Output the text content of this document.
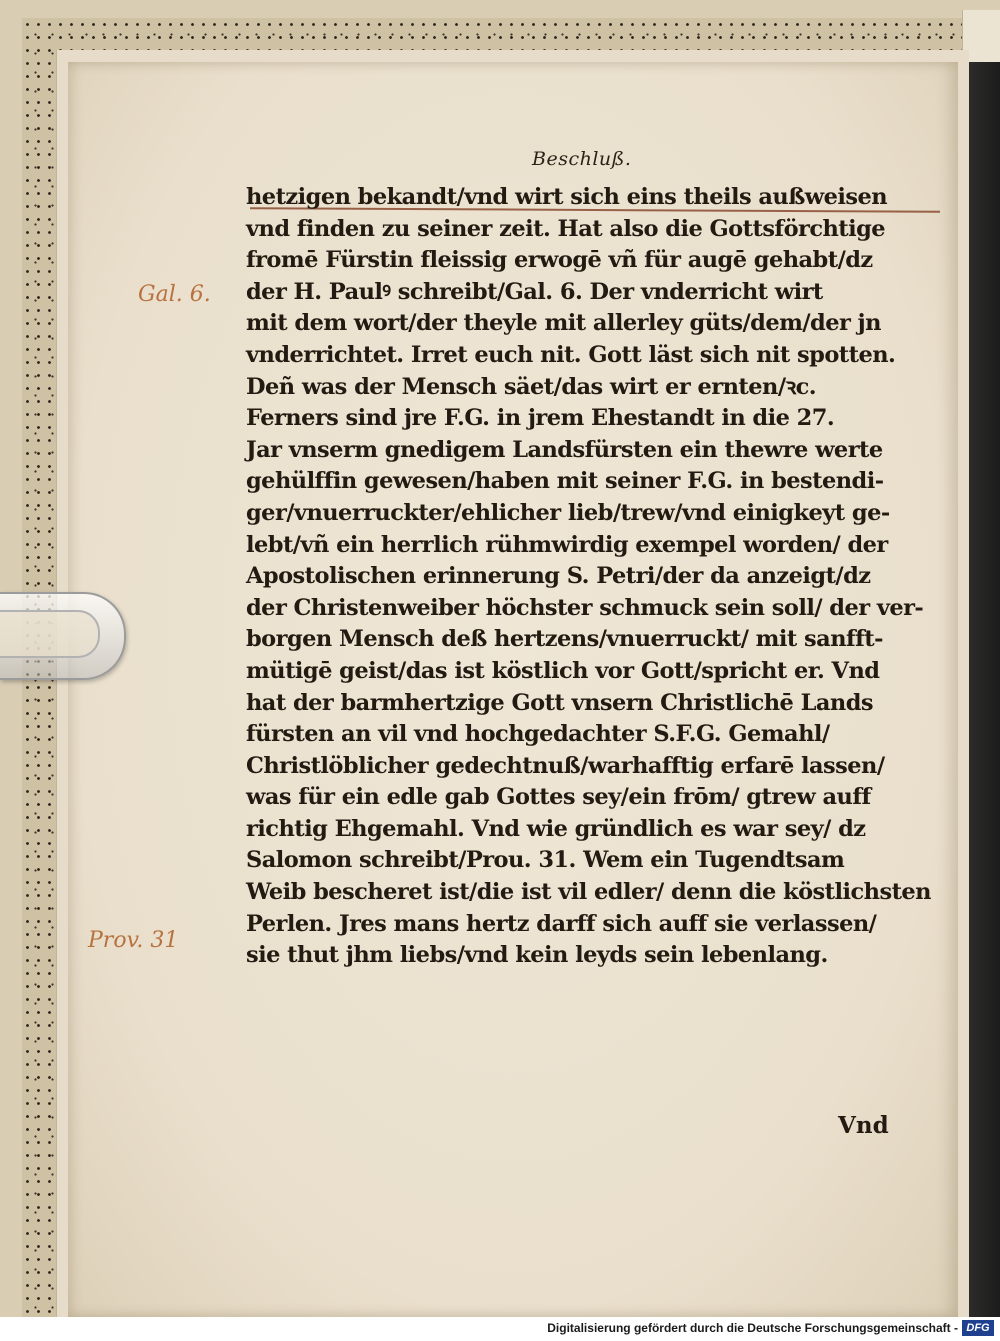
Beschluß.
hetzigen bekandt/vnd wirt sich eins theils außweisen
vnd finden zu seiner zeit. Hat also die Gottsförchtige
fromē Fürstin fleissig erwogē vñ für augē gehabt/dz
der H. Paulꝰ schreibt/Gal. 6. Der vnderricht wirt
mit dem wort/der theyle mit allerley güts/dem/der jn
vnderrichtet. Irret euch nit. Gott läst sich nit spotten.
Deñ was der Mensch säet/das wirt er ernten/ꝛc.
Ferners sind jre F.G. in jrem Ehestandt in die 27.
Jar vnserm gnedigem Landsfürsten ein thewre werte
gehülffin gewesen/haben mit seiner F.G. in bestendi-
ger/vnuerruckter/ehlicher lieb/trew/vnd einigkeyt ge-
lebt/vñ ein herrlich rühmwirdig exempel worden/ der
Apostolischen erinnerung S. Petri/der da anzeigt/dz
der Christenweiber höchster schmuck sein soll/ der ver-
borgen Mensch deß hertzens/vnuerruckt/ mit sanfft-
mütigē geist/das ist köstlich vor Gott/spricht er. Vnd
hat der barmhertzige Gott vnsern Christlichē Lands
fürsten an vil vnd hochgedachter S.F.G. Gemahl/
Christlöblicher gedechtnuß/warhafftig erfarē lassen/
was für ein edle gab Gottes sey/ein frōm/ gtrew auff
richtig Ehgemahl. Vnd wie gründlich es war sey/ dz
Salomon schreibt/Prou. 31. Wem ein Tugendtsam
Weib bescheret ist/die ist vil edler/ denn die köstlichsten
Perlen. Jres mans hertz darff sich auff sie verlassen/
sie thut jhm liebs/vnd kein leyds sein lebenlang.
Vnd
Gal. 6.
Prov. 31
Digitalisierung gefördert durch die Deutsche Forschungsgemeinschaft - DFG
